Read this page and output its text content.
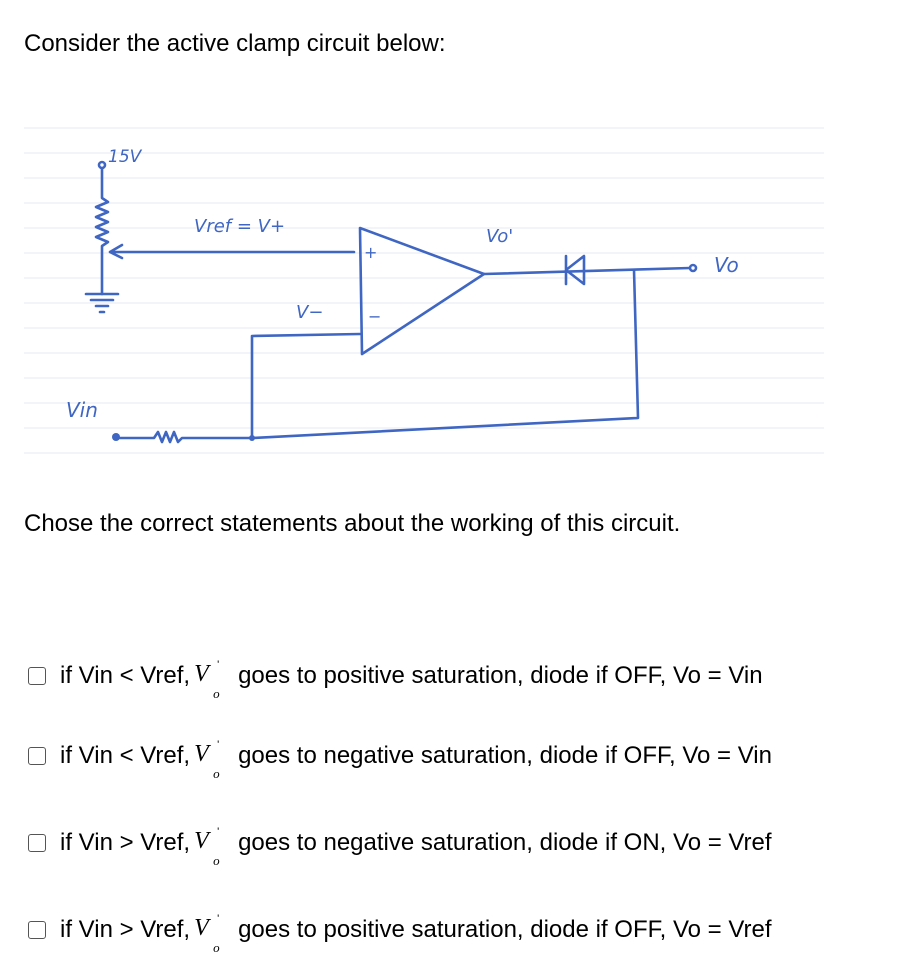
Consider the active clamp circuit below:
15V
Vref = V+
V−
Vo'
Vo
Vin
+
−
Chose the correct statements about the working of this circuit.
if Vin < Vref, V '
o
goes to positive saturation, diode if OFF, Vo = Vin
if Vin < Vref, V '
o
goes to negative saturation, diode if OFF, Vo = Vin
if Vin > Vref, V '
o
goes to negative saturation, diode if ON, Vo = Vref
if Vin > Vref, V '
o
goes to positive saturation, diode if OFF, Vo = Vref
